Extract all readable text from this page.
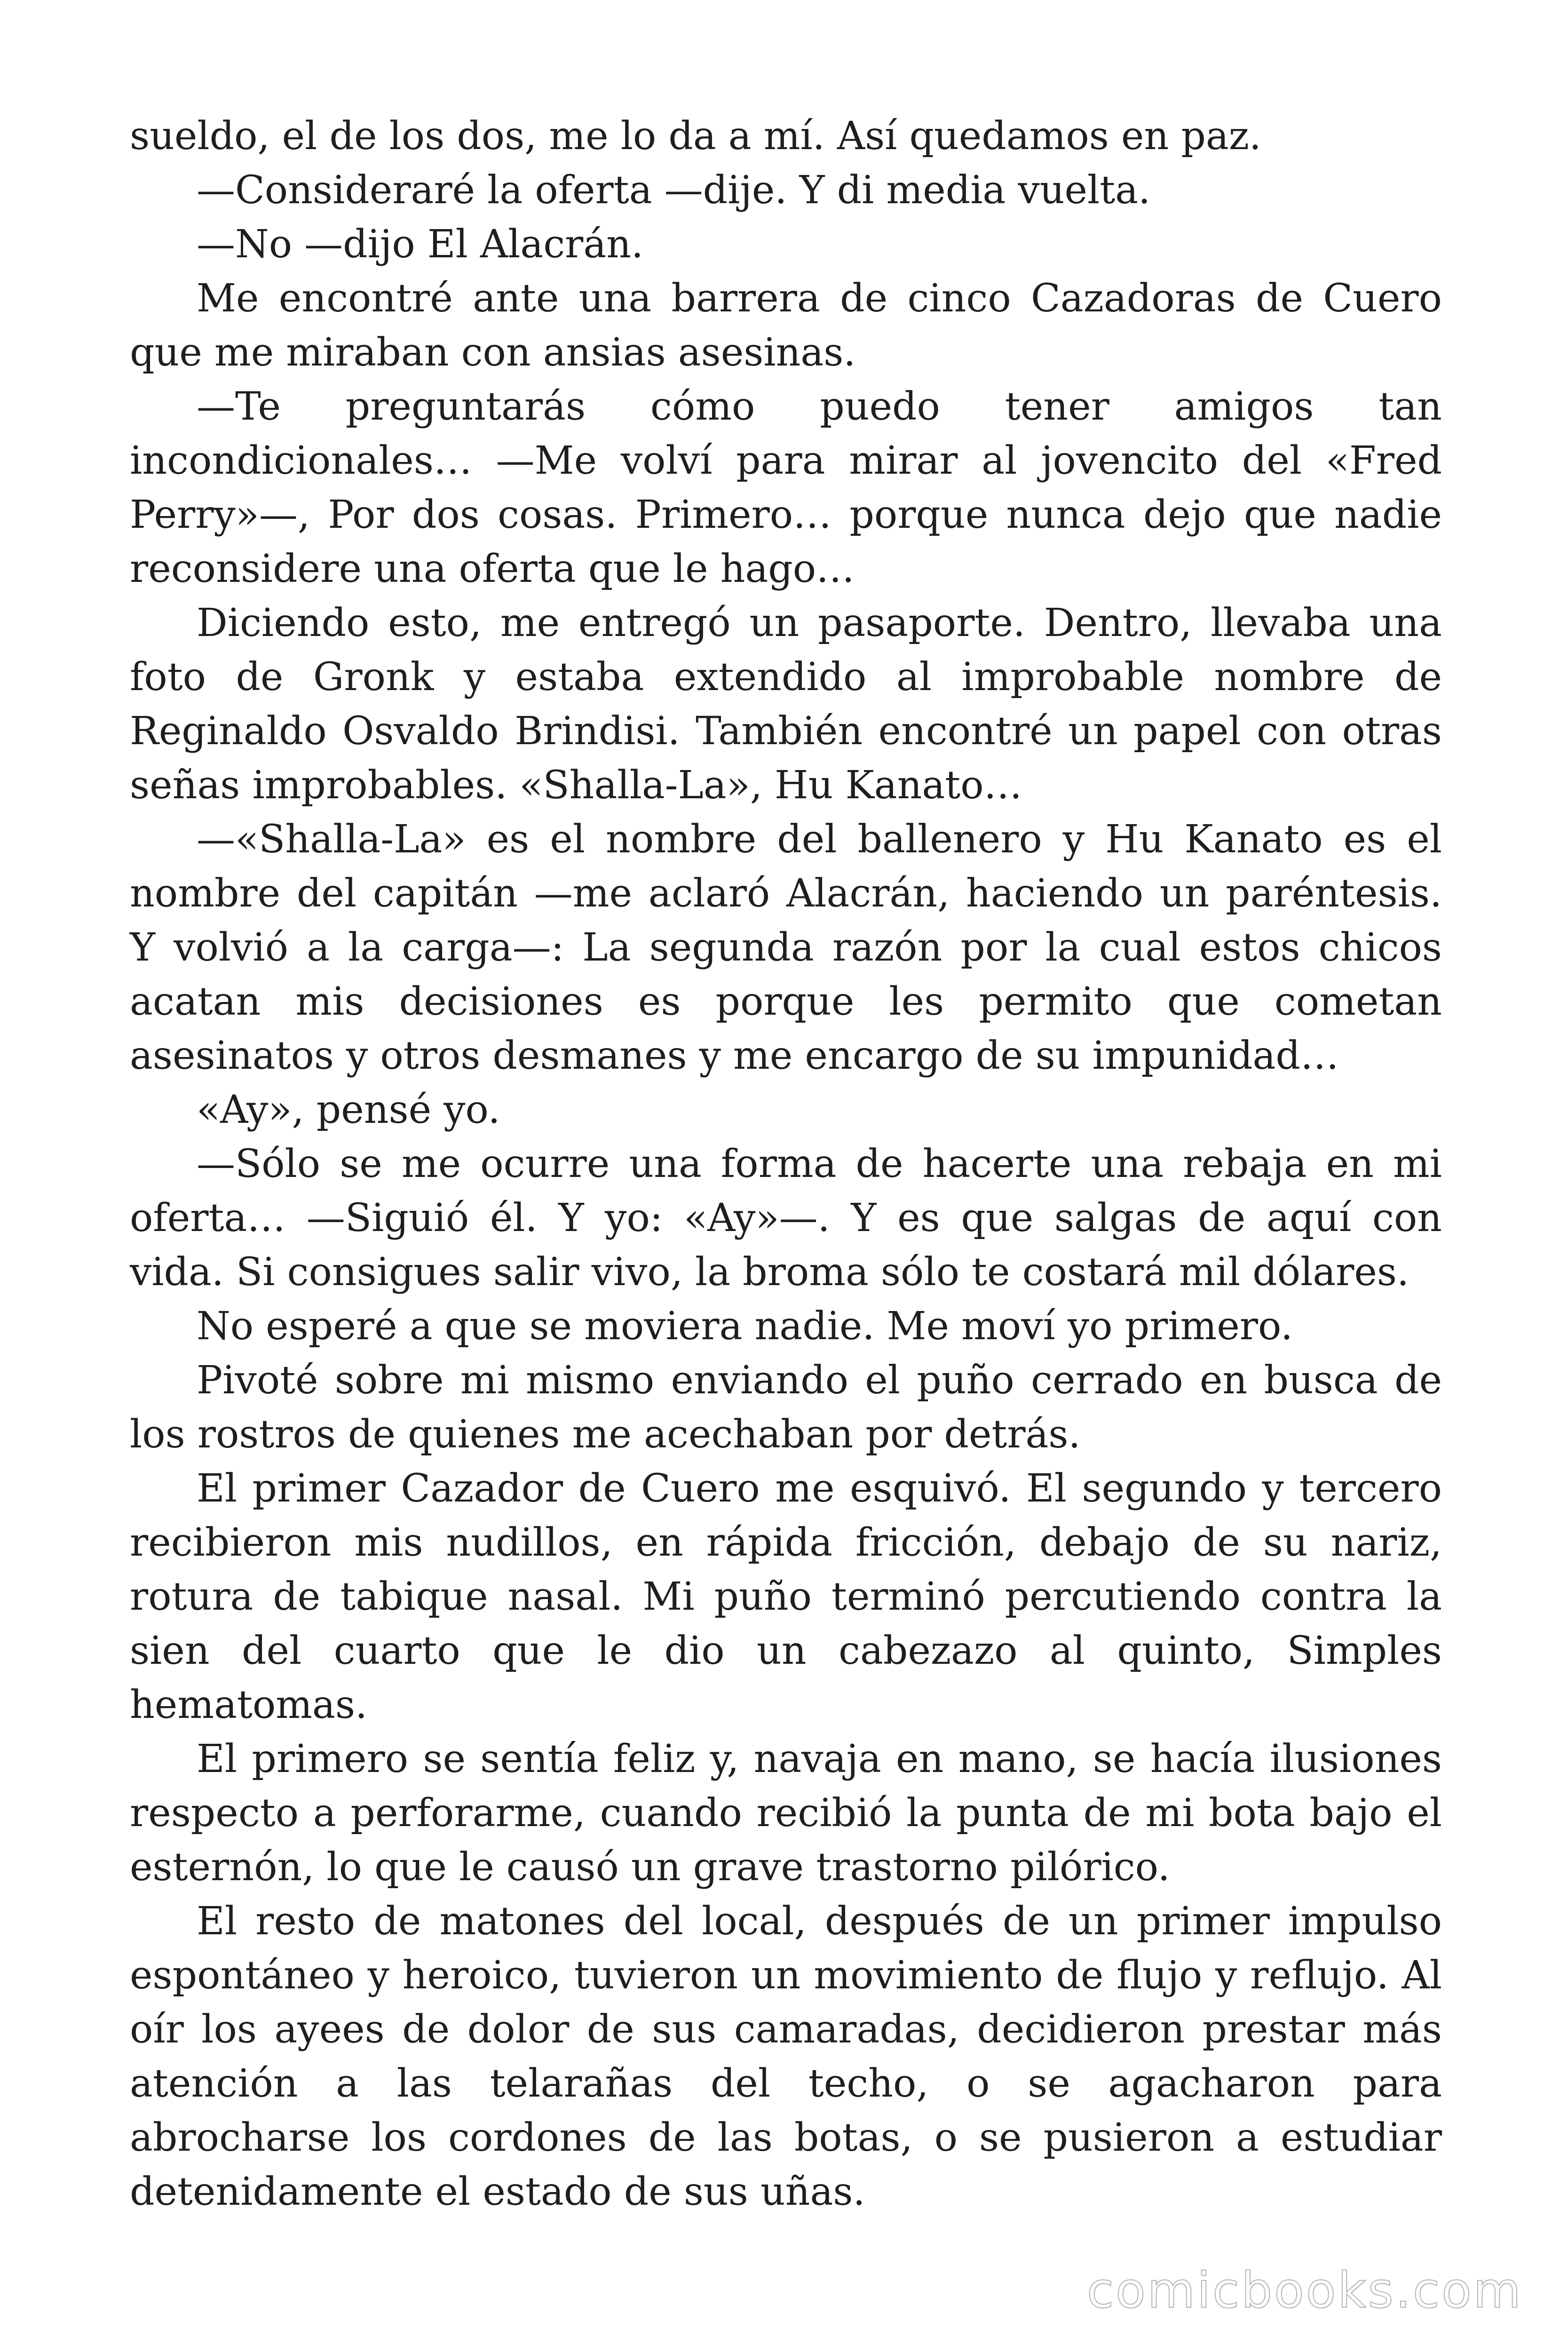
sueldo, el de los dos, me lo da a mí. Así quedamos en paz.

—Consideraré la oferta —dije. Y di media vuelta.

—No —dijo El Alacrán.

Me encontré ante una barrera de cinco Cazadoras de Cuero que me miraban con ansias asesinas.

—Te preguntarás cómo puedo tener amigos tan incondicionales… —Me volví para mirar al jovencito del «Fred Perry»—, Por dos cosas. Primero… porque nunca dejo que nadie reconsidere una oferta que le hago…

Diciendo esto, me entregó un pasaporte. Dentro, llevaba una foto de Gronk y estaba extendido al improbable nombre de Reginaldo Osvaldo Brindisi. También encontré un papel con otras señas improbables. «Shalla-La», Hu Kanato…

—«Shalla-La» es el nombre del ballenero y Hu Kanato es el nombre del capitán —me aclaró Alacrán, haciendo un paréntesis. Y volvió a la carga—: La segunda razón por la cual estos chicos acatan mis decisiones es porque les permito que cometan asesinatos y otros desmanes y me encargo de su impunidad…

«Ay», pensé yo.

—Sólo se me ocurre una forma de hacerte una rebaja en mi oferta… —Siguió él. Y yo: «Ay»—. Y es que salgas de aquí con vida. Si consigues salir vivo, la broma sólo te costará mil dólares.

No esperé a que se moviera nadie. Me moví yo primero.

Pivoté sobre mi mismo enviando el puño cerrado en busca de los rostros de quienes me acechaban por detrás.

El primer Cazador de Cuero me esquivó. El segundo y tercero recibieron mis nudillos, en rápida fricción, debajo de su nariz, rotura de tabique nasal. Mi puño terminó percutiendo contra la sien del cuarto que le dio un cabezazo al quinto, Simples hematomas.

El primero se sentía feliz y, navaja en mano, se hacía ilusiones respecto a perforarme, cuando recibió la punta de mi bota bajo el esternón, lo que le causó un grave trastorno pilórico.

El resto de matones del local, después de un primer impulso espontáneo y heroico, tuvieron un movimiento de flujo y reflujo. Al oír los ayees de dolor de sus camaradas, decidieron prestar más atención a las telarañas del techo, o se agacharon para abrocharse los cordones de las botas, o se pusieron a estudiar detenidamente el estado de sus uñas.

comicbooks.com
